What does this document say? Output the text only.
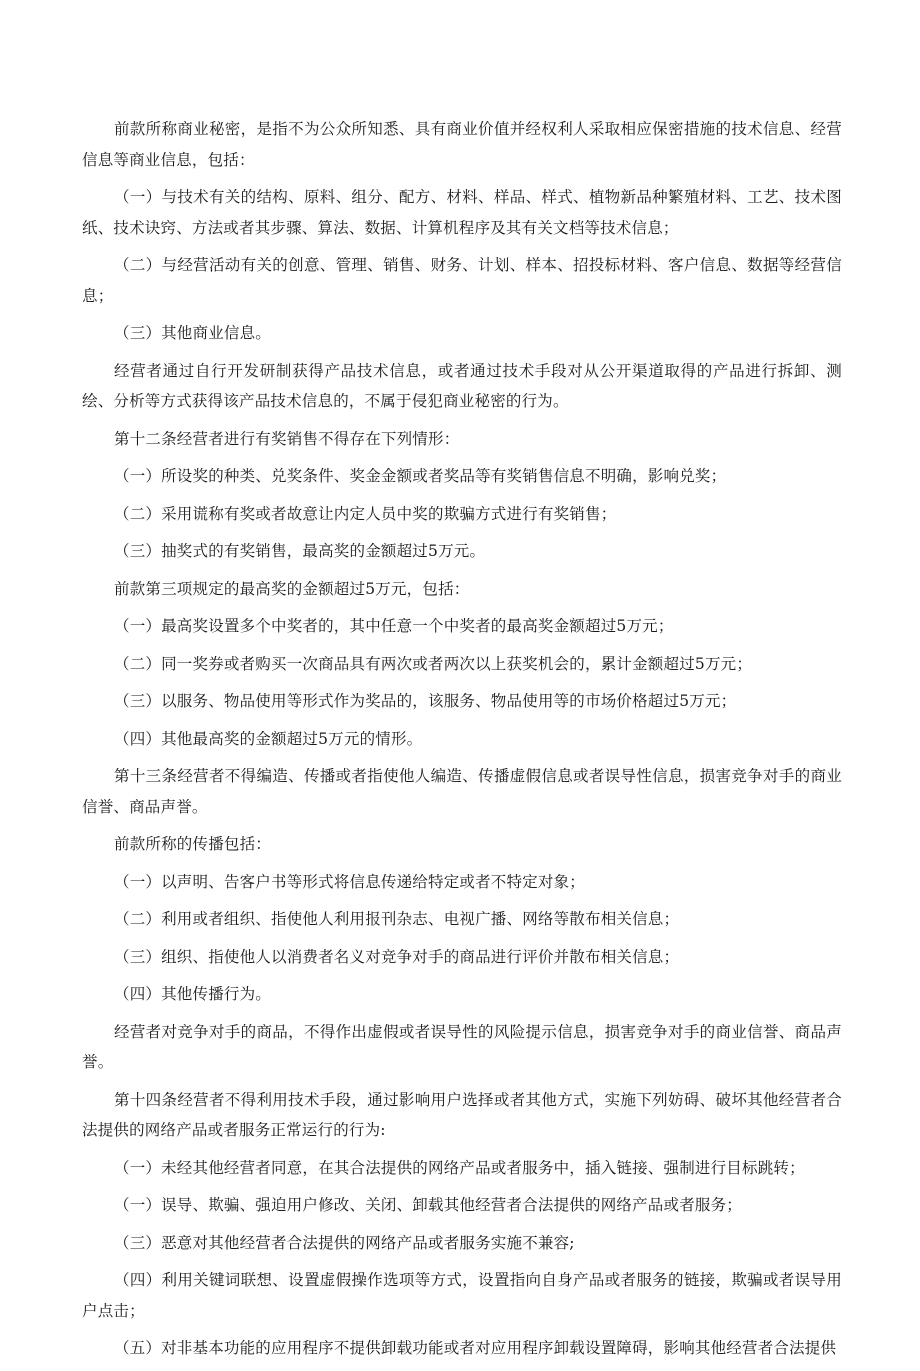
前款所称商业秘密，是指不为公众所知悉、具有商业价值并经权利人采取相应保密措施的技术信息、经营信息等商业信息，包括：

（一）与技术有关的结构、原料、组分、配方、材料、样品、样式、植物新品种繁殖材料、工艺、技术图纸、技术诀窍、方法或者其步骤、算法、数据、计算机程序及其有关文档等技术信息；

（二）与经营活动有关的创意、管理、销售、财务、计划、样本、招投标材料、客户信息、数据等经营信息；

（三）其他商业信息。

经营者通过自行开发研制获得产品技术信息，或者通过技术手段对从公开渠道取得的产品进行拆卸、测绘、分析等方式获得该产品技术信息的，不属于侵犯商业秘密的行为。

第十二条经营者进行有奖销售不得存在下列情形：

（一）所设奖的种类、兑奖条件、奖金金额或者奖品等有奖销售信息不明确，影响兑奖；

（二）采用谎称有奖或者故意让内定人员中奖的欺骗方式进行有奖销售；

（三）抽奖式的有奖销售，最高奖的金额超过5万元。

前款第三项规定的最高奖的金额超过5万元，包括：

（一）最高奖设置多个中奖者的，其中任意一个中奖者的最高奖金额超过5万元；

（二）同一奖券或者购买一次商品具有两次或者两次以上获奖机会的，累计金额超过5万元；

（三）以服务、物品使用等形式作为奖品的，该服务、物品使用等的市场价格超过5万元；

（四）其他最高奖的金额超过5万元的情形。

第十三条经营者不得编造、传播或者指使他人编造、传播虚假信息或者误导性信息，损害竞争对手的商业信誉、商品声誉。

前款所称的传播包括：

（一）以声明、告客户书等形式将信息传递给特定或者不特定对象；

（二）利用或者组织、指使他人利用报刊杂志、电视广播、网络等散布相关信息；

（三）组织、指使他人以消费者名义对竞争对手的商品进行评价并散布相关信息；

（四）其他传播行为。

经营者对竞争对手的商品，不得作出虚假或者误导性的风险提示信息，损害竞争对手的商业信誉、商品声誉。

第十四条经营者不得利用技术手段，通过影响用户选择或者其他方式，实施下列妨碍、破坏其他经营者合法提供的网络产品或者服务正常运行的行为:

（一）未经其他经营者同意，在其合法提供的网络产品或者服务中，插入链接、强制进行目标跳转；

（一）误导、欺骗、强迫用户修改、关闭、卸载其他经营者合法提供的网络产品或者服务；

（三）恶意对其他经营者合法提供的网络产品或者服务实施不兼容;

（四）利用关键词联想、设置虚假操作选项等方式，设置指向自身产品或者服务的链接，欺骗或者误导用户点击；

（五）对非基本功能的应用程序不提供卸载功能或者对应用程序卸载设置障碍，影响其他经营者合法提供
